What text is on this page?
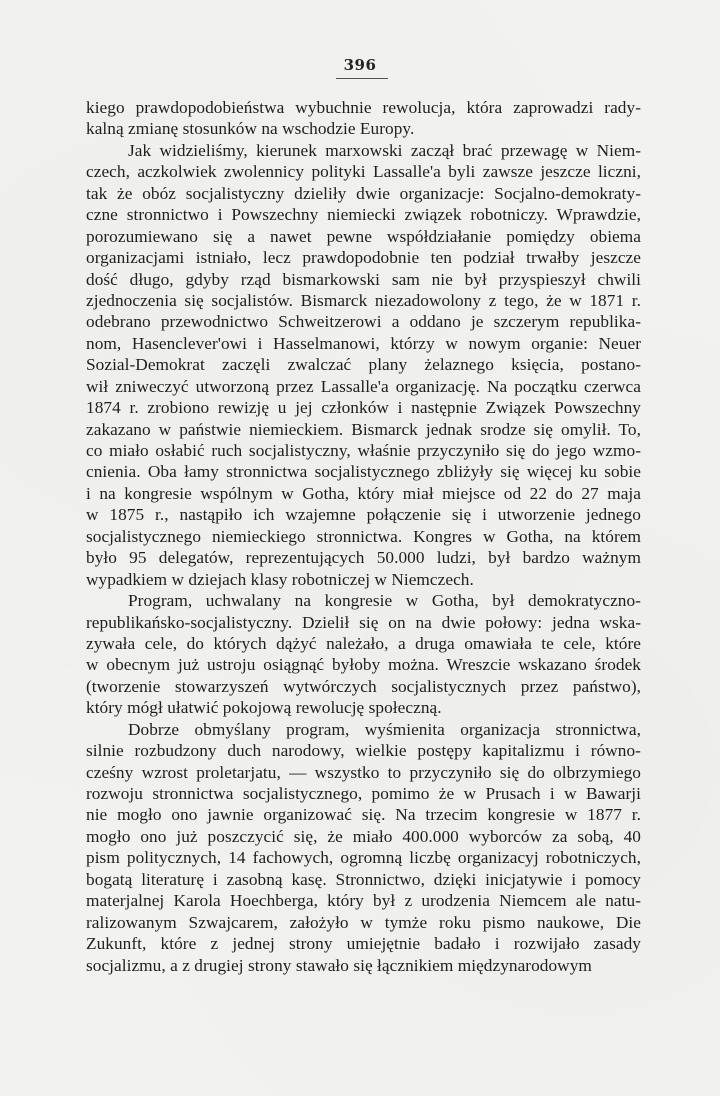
396
kiego prawdopodobieństwa wybuchnie rewolucja, która zaprowadzi rady-
kalną zmianę stosunków na wschodzie Europy.
Jak widzieliśmy, kierunek marxowski zaczął brać przewagę w Niem-
czech, aczkolwiek zwolennicy polityki Lassalle'a byli zawsze jeszcze liczni,
tak że obóz socjalistyczny dzieliły dwie organizacje: Socjalno-demokraty-
czne stronnictwo i Powszechny niemiecki związek robotniczy. Wprawdzie,
porozumiewano się a nawet pewne współdziałanie pomiędzy obiema
organizacjami istniało, lecz prawdopodobnie ten podział trwałby jeszcze
dość długo, gdyby rząd bismarkowski sam nie był przyspieszył chwili
zjednoczenia się socjalistów. Bismarck niezadowolony z tego, że w 1871 r.
odebrano przewodnictwo Schweitzerowi a oddano je szczerym republika-
nom, Hasenclever'owi i Hasselmanowi, którzy w nowym organie: Neuer
Sozial-Demokrat zaczęli zwalczać plany żelaznego księcia, postano-
wił zniweczyć utworzoną przez Lassalle'a organizację. Na początku czerwca
1874 r. zrobiono rewizję u jej członków i następnie Związek Powszechny
zakazano w państwie niemieckiem. Bismarck jednak srodze się omylił. To,
co miało osłabić ruch socjalistyczny, właśnie przyczyniło się do jego wzmo-
cnienia. Oba łamy stronnictwa socjalistycznego zbliżyły się więcej ku sobie
i na kongresie wspólnym w Gotha, który miał miejsce od 22 do 27 maja
w 1875 r., nastąpiło ich wzajemne połączenie się i utworzenie jednego
socjalistycznego niemieckiego stronnictwa. Kongres w Gotha, na którem
było 95 delegatów, reprezentujących 50.000 ludzi, był bardzo ważnym
wypadkiem w dziejach klasy robotniczej w Niemczech.
Program, uchwalany na kongresie w Gotha, był demokratyczno-
republikańsko-socjalistyczny. Dzielił się on na dwie połowy: jedna wska-
zywała cele, do których dążyć należało, a druga omawiała te cele, które
w obecnym już ustroju osiągnąć byłoby można. Wreszcie wskazano środek
(tworzenie stowarzyszeń wytwórczych socjalistycznych przez państwo),
który mógł ułatwić pokojową rewolucję społeczną.
Dobrze obmyślany program, wyśmienita organizacja stronnictwa,
silnie rozbudzony duch narodowy, wielkie postępy kapitalizmu i równo-
cześny wzrost proletarjatu, — wszystko to przyczyniło się do olbrzymiego
rozwoju stronnictwa socjalistycznego, pomimo że w Prusach i w Bawarji
nie mogło ono jawnie organizować się. Na trzecim kongresie w 1877 r.
mogło ono już poszczycić się, że miało 400.000 wyborców za sobą, 40
pism politycznych, 14 fachowych, ogromną liczbę organizacyj robotniczych,
bogatą literaturę i zasobną kasę. Stronnictwo, dzięki inicjatywie i pomocy
materjalnej Karola Hoechberga, który był z urodzenia Niemcem ale natu-
ralizowanym Szwajcarem, założyło w tymże roku pismo naukowe, Die
Zukunft, które z jednej strony umiejętnie badało i rozwijało zasady
socjalizmu, a z drugiej strony stawało się łącznikiem międzynarodowym
